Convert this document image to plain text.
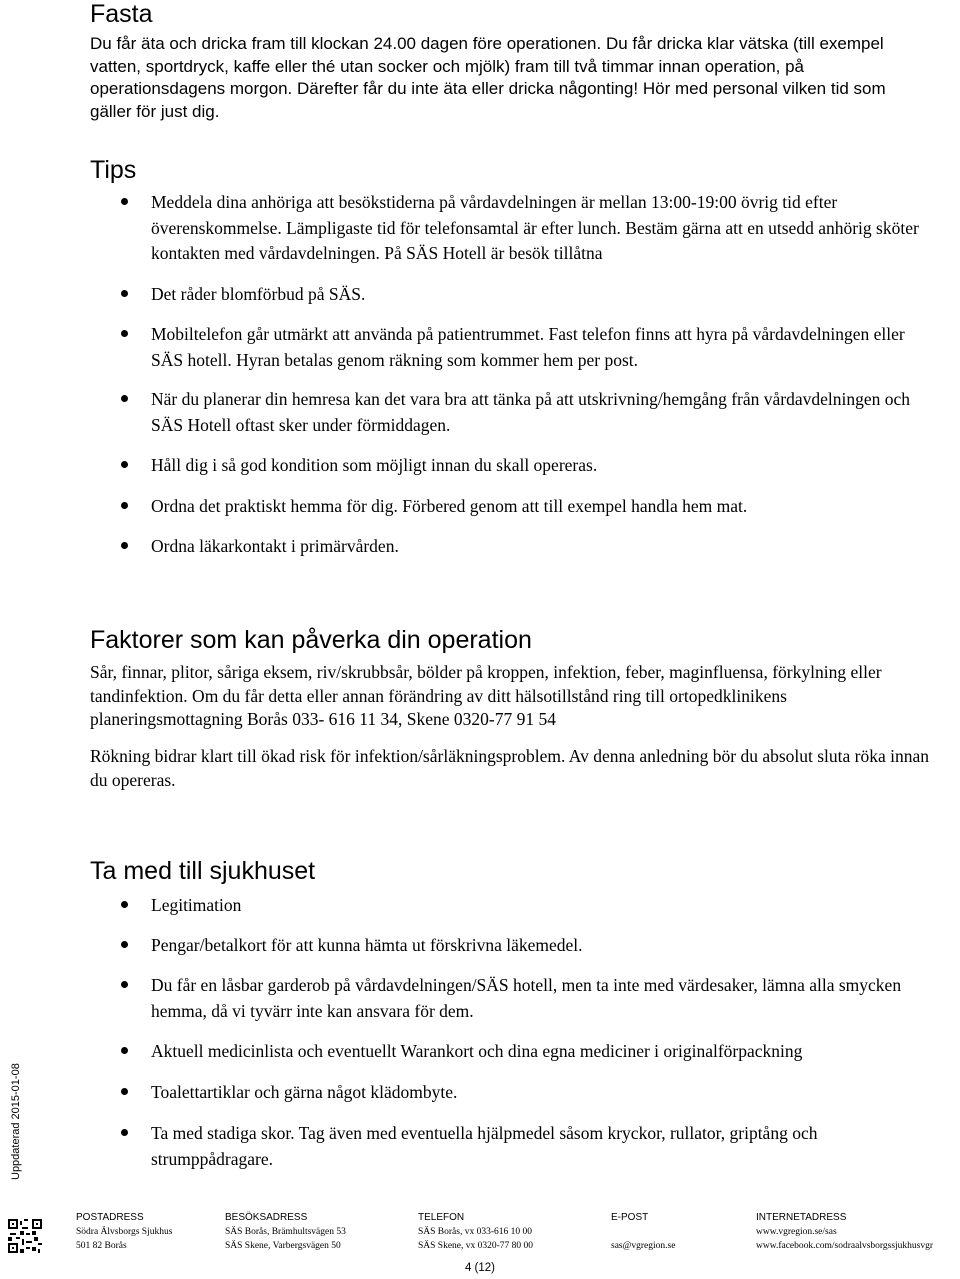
Fasta

Du får äta och dricka fram till klockan 24.00 dagen före operationen. Du får dricka klar vätska (till exempel vatten, sportdryck, kaffe eller thé utan socker och mjölk) fram till två timmar innan operation, på operationsdagens morgon. Därefter får du inte äta eller dricka någonting! Hör med personal vilken tid som gäller för just dig.

Tips
Meddela dina anhöriga att besökstiderna på vårdavdelningen är mellan 13:00-19:00 övrig tid efter överenskommelse. Lämpligaste tid för telefonsamtal är efter lunch. Bestäm gärna att en utsedd anhörig sköter kontakten med vårdavdelningen. På SÄS Hotell är besök tillåtna
Det råder blomförbud på SÄS.
Mobiltelefon går utmärkt att använda på patientrummet. Fast telefon finns att hyra på vårdavdelningen eller SÄS hotell. Hyran betalas genom räkning som kommer hem per post.
När du planerar din hemresa kan det vara bra att tänka på att utskrivning/hemgång från vårdavdelningen och SÄS Hotell oftast sker under förmiddagen.
Håll dig i så god kondition som möjligt innan du skall opereras.
Ordna det praktiskt hemma för dig. Förbered genom att till exempel handla hem mat.
Ordna läkarkontakt i primärvården.
Faktorer som kan påverka din operation

Sår, finnar, plitor, såriga eksem, riv/skrubbsår, bölder på kroppen, infektion, feber, maginfluensa, förkylning eller tandinfektion. Om du får detta eller annan förändring av ditt hälsotillstånd ring till ortopedklinikens planeringsmottagning Borås 033- 616 11 34, Skene 0320-77 91 54

Rökning bidrar klart till ökad risk för infektion/sårläkningsproblem. Av denna anledning bör du absolut sluta röka innan du opereras.

Ta med till sjukhuset
Legitimation
Pengar/betalkort för att kunna hämta ut förskrivna läkemedel.
Du får en låsbar garderob på vårdavdelningen/SÄS hotell, men ta inte med värdesaker, lämna alla smycken hemma, då vi tyvärr inte kan ansvara för dem.
Aktuell medicinlista och eventuellt Warankort och dina egna mediciner i originalförpackning
Toalettartiklar och gärna något klädombyte.
Ta med stadiga skor. Tag även med eventuella hjälpmedel såsom kryckor, rullator, griptång och strumppådragare.
Uppdaterad 2015-01-08
POSTADRESS
Södra Älvsborgs Sjukhus
501 82 Borås
BESÖKSADRESS
SÄS Borås, Brämhultsvägen 53
SÄS Skene, Varbergsvägen 50
TELEFON
SÄS Borås, vx 033-616 10 00
SÄS Skene, vx 0320-77 80 00
E-POST

sas@vgregion.se
INTERNETADRESS
www.vgregion.se/sas
www.facebook.com/sodraalvsborgssjukhusvgr
4 (12)
